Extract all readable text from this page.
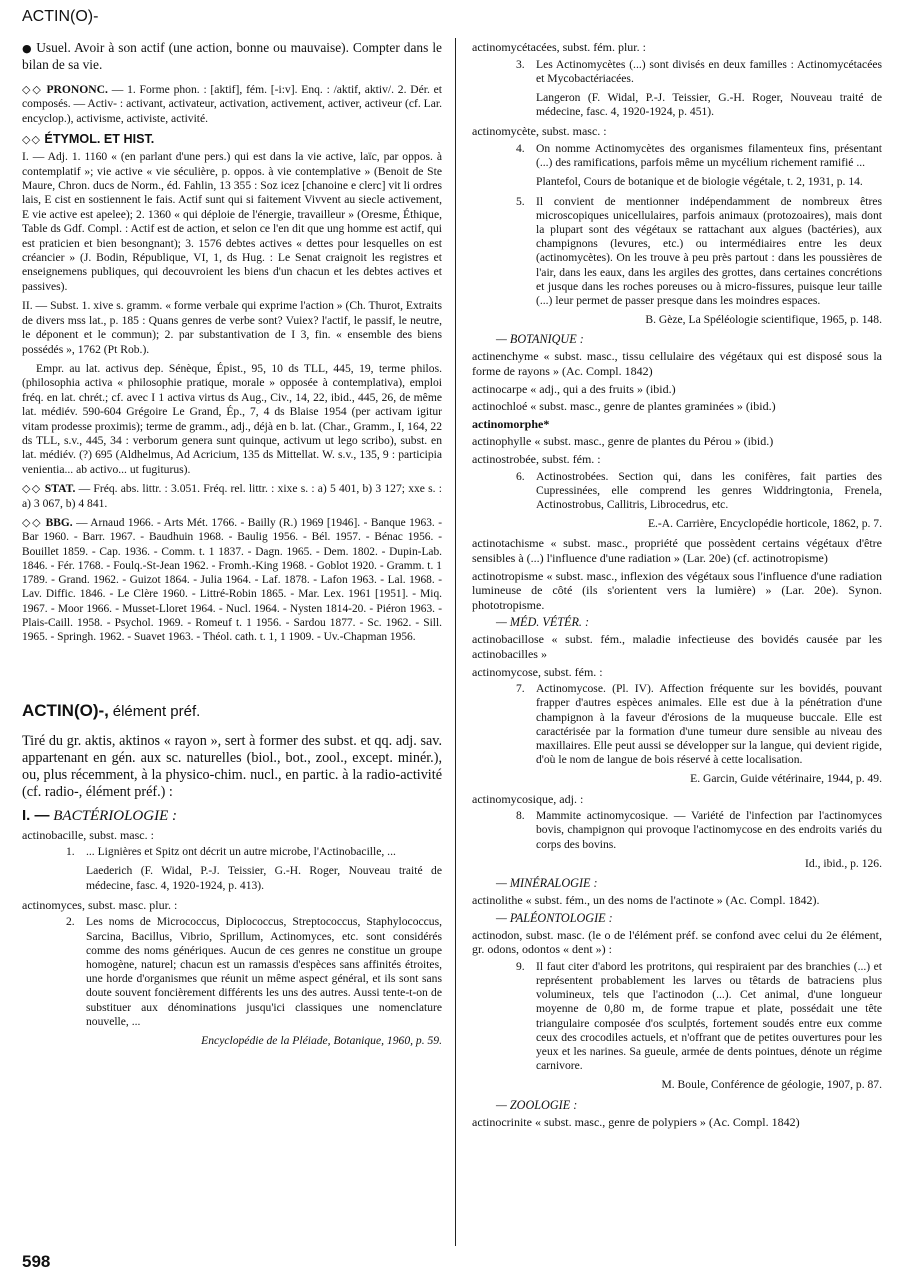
ACTIN(O)-

● Usuel. Avoir à son actif (une action, bonne ou mauvaise). Compter dans le bilan de sa vie.

◇◇ PRONONC. — 1. Forme phon. : [aktif], fém. [-i:v]. Enq. : /aktif, aktiv/. 2. Dér. et composés. — Activ- : activant, activateur, activation, activement, activer, activeur (cf. Lar. encyclop.), activisme, activiste, activité.

◇◇ ÉTYMOL. ET HIST.

I. — Adj. 1. 1160 « (en parlant d'une pers.) qui est dans la vie active, laïc, par oppos. à contemplatif »; vie active « vie séculière, p. oppos. à vie contemplative » (Benoit de Ste Maure, Chron. ducs de Norm., éd. Fahlin, 13 355 : Soz icez [chanoine e clerc] vit li ordres lais, E cist en sostiennent le fais. Actif sunt qui si faitement Vivvent au siecle activement, E vie active est apelee); 2. 1360 « qui déploie de l'énergie, travailleur » (Oresme, Éthique, Table ds Gdf. Compl. : Actif est de action, et selon ce l'en dit que ung homme est actif, qui est praticien et bien besongnant); 3. 1576 debtes actives « dettes pour lesquelles on est créancier » (J. Bodin, République, VI, 1, ds Hug. : Le Senat craignoit les registres et enseignemens publiques, qui decouvroient les biens d'un chacun et les debtes actives et passives).

II. — Subst. 1. xive s. gramm. « forme verbale qui exprime l'action » (Ch. Thurot, Extraits de divers mss lat., p. 185 : Quans genres de verbe sont? Vuiex? l'actif, le passif, le neutre, le déponent et le commun); 2. par substantivation de I 3, fin. « ensemble des biens possédés », 1762 (Pt Rob.).

Empr. au lat. activus dep. Sénèque, Épist., 95, 10 ds TLL, 445, 19, terme philos. (philosophia activa « philosophie pratique, morale » opposée à contemplativa), emploi fréq. en lat. chrét.; cf. avec I 1 activa virtus ds Aug., Civ., 14, 22, ibid., 445, 26, de même lat. médiév. 590-604 Grégoire Le Grand, Ép., 7, 4 ds Blaise 1954 (per activam igitur vitam prodesse proximis); terme de gramm., adj., déjà en b. lat. (Char., Gramm., I, 164, 22 ds TLL, s.v., 445, 34 : verborum genera sunt quinque, activum ut lego scribo), subst. en lat. médiév. (?) 695 (Aldhelmus, Ad Acricium, 135 ds Mittellat. W. s.v., 135, 9 : participia venientia... ab activo... ut fugiturus).

◇◇ STAT. — Fréq. abs. littr. : 3.051. Fréq. rel. littr. : xixe s. : a) 5 401, b) 3 127; xxe s. : a) 3 067, b) 4 841.

◇◇ BBG. — Arnaud 1966. - Arts Mét. 1766. - Bailly (R.) 1969 [1946]. - Banque 1963. - Bar 1960. - Barr. 1967. - Baudhuin 1968. - Baulig 1956. - Bél. 1957. - Bénac 1956. - Bouillet 1859. - Cap. 1936. - Comm. t. 1 1837. - Dagn. 1965. - Dem. 1802. - Dupin-Lab. 1846. - Fér. 1768. - Foulq.-St-Jean 1962. - Fromh.-King 1968. - Goblot 1920. - Gramm. t. 1 1789. - Grand. 1962. - Guizot 1864. - Julia 1964. - Laf. 1878. - Lafon 1963. - Lal. 1968. - Lav. Diffic. 1846. - Le Clère 1960. - Littré-Robin 1865. - Mar. Lex. 1961 [1951]. - Miq. 1967. - Moor 1966. - Musset-Lloret 1964. - Nucl. 1964. - Nysten 1814-20. - Piéron 1963. - Plais-Caill. 1958. - Psychol. 1969. - Romeuf t. 1 1956. - Sardou 1877. - Sc. 1962. - Sill. 1965. - Springh. 1962. - Suavet 1963. - Théol. cath. t. 1, 1 1909. - Uv.-Chapman 1956.

ACTIN(O)-, élément préf.

Tiré du gr. aktis, aktinos « rayon », sert à former des subst. et qq. adj. sav. appartenant en gén. aux sc. naturelles (biol., bot., zool., except. minér.), ou, plus récemment, à la physico-chim. nucl., en partic. à la radio-activité (cf. radio-, élément préf.) :

I. — BACTÉRIOLOGIE :

actinobacille, subst. masc. :

1. ... Lignières et Spitz ont décrit un autre microbe, l'Actinobacille, ...

Laederich (F. Widal, P.-J. Teissier, G.-H. Roger, Nouveau traité de médecine, fasc. 4, 1920-1924, p. 413).

actinomyces, subst. masc. plur. :

2. Les noms de Micrococcus, Diplococcus, Streptococcus, Staphylococcus, Sarcina, Bacillus, Vibrio, Sprillum, Actinomyces, etc. sont considérés comme des noms génériques. Aucun de ces genres ne constitue un groupe homogène, naturel; chacun est un ramassis d'espèces sans affinités étroites, une horde d'organismes que réunit un même aspect général, et ils sont sans doute souvent foncièrement différents les uns des autres. Aussi tente-t-on de substituer aux dénominations jusqu'ici classiques une nomenclature nouvelle, ...

Encyclopédie de la Pléiade, Botanique, 1960, p. 59.

actinomycétacées, subst. fém. plur. :

3. Les Actinomycètes (...) sont divisés en deux familles : Actinomycétacées et Mycobactériacées.

Langeron (F. Widal, P.-J. Teissier, G.-H. Roger, Nouveau traité de médecine, fasc. 4, 1920-1924, p. 451).

actinomycète, subst. masc. :

4. On nomme Actinomycètes des organismes filamenteux fins, présentant (...) des ramifications, parfois même un mycélium richement ramifié ...

Plantefol, Cours de botanique et de biologie végétale, t. 2, 1931, p. 14.

5. Il convient de mentionner indépendamment de nombreux êtres microscopiques unicellulaires, parfois animaux (protozoaires), mais dont la plupart sont des végétaux se rattachant aux algues (bactéries), aux champignons (levures, etc.) ou intermédiaires entre les deux (actinomycètes). On les trouve à peu près partout : dans les poussières de l'air, dans les eaux, dans les argiles des grottes, dans certaines concrétions et jusque dans les roches poreuses ou à micro-fissures, puisque leur taille (...) leur permet de passer presque dans les moindres espaces.

B. Gèze, La Spéléologie scientifique, 1965, p. 148.

— BOTANIQUE :

actinenchyme « subst. masc., tissu cellulaire des végétaux qui est disposé sous la forme de rayons » (Ac. Compl. 1842)

actinocarpe « adj., qui a des fruits » (ibid.)

actinochloé « subst. masc., genre de plantes graminées » (ibid.)

actinomorphe*

actinophylle « subst. masc., genre de plantes du Pérou » (ibid.)

actinostrobée, subst. fém. :

6. Actinostrobées. Section qui, dans les conifères, fait parties des Cupressinées, elle comprend les genres Widdringtonia, Frenela, Actinostrobus, Callitris, Librocedrus, etc.

E.-A. Carrière, Encyclopédie horticole, 1862, p. 7.

actinotachisme « subst. masc., propriété que possèdent certains végétaux d'être sensibles à (...) l'influence d'une radiation » (Lar. 20e) (cf. actinotropisme)

actinotropisme « subst. masc., inflexion des végétaux sous l'influence d'une radiation lumineuse de côté (ils s'orientent vers la lumière) » (Lar. 20e). Synon. phototropisme.

— MÉD. VÉTÉR. :

actinobacillose « subst. fém., maladie infectieuse des bovidés causée par les actinobacilles »

actinomycose, subst. fém. :

7. Actinomycose. (Pl. IV). Affection fréquente sur les bovidés, pouvant frapper d'autres espèces animales. Elle est due à la pénétration d'une champignon à la faveur d'érosions de la muqueuse buccale. Elle est caractérisée par la formation d'une tumeur dure sensible au niveau des maxillaires. Elle peut aussi se développer sur la langue, qui devient rigide, d'où le nom de langue de bois réservé à cette localisation.

E. Garcin, Guide vétérinaire, 1944, p. 49.

actinomycosique, adj. :

8. Mammite actinomycosique. — Variété de l'infection par l'actinomyces bovis, champignon qui provoque l'actinomycose en des endroits variés du corps des bovins.

Id., ibid., p. 126.

— MINÉRALOGIE :

actinolithe « subst. fém., un des noms de l'actinote » (Ac. Compl. 1842).

— PALÉONTOLOGIE :

actinodon, subst. masc. (le o de l'élément préf. se confond avec celui du 2e élément, gr. odons, odontos « dent ») :

9. Il faut citer d'abord les protritons, qui respiraient par des branchies (...) et représentent probablement les larves ou têtards de batraciens plus volumineux, tels que l'actinodon (...). Cet animal, d'une longueur moyenne de 0,80 m, de forme trapue et plate, possédait une tête triangulaire composée d'os sculptés, fortement soudés entre eux comme ceux des crocodiles actuels, et n'offrant que de petites ouvertures pour les yeux et les narines. Sa gueule, armée de dents pointues, dénote un régime carnivore.

M. Boule, Conférence de géologie, 1907, p. 87.

— ZOOLOGIE :

actinocrinite « subst. masc., genre de polypiers » (Ac. Compl. 1842)

598
